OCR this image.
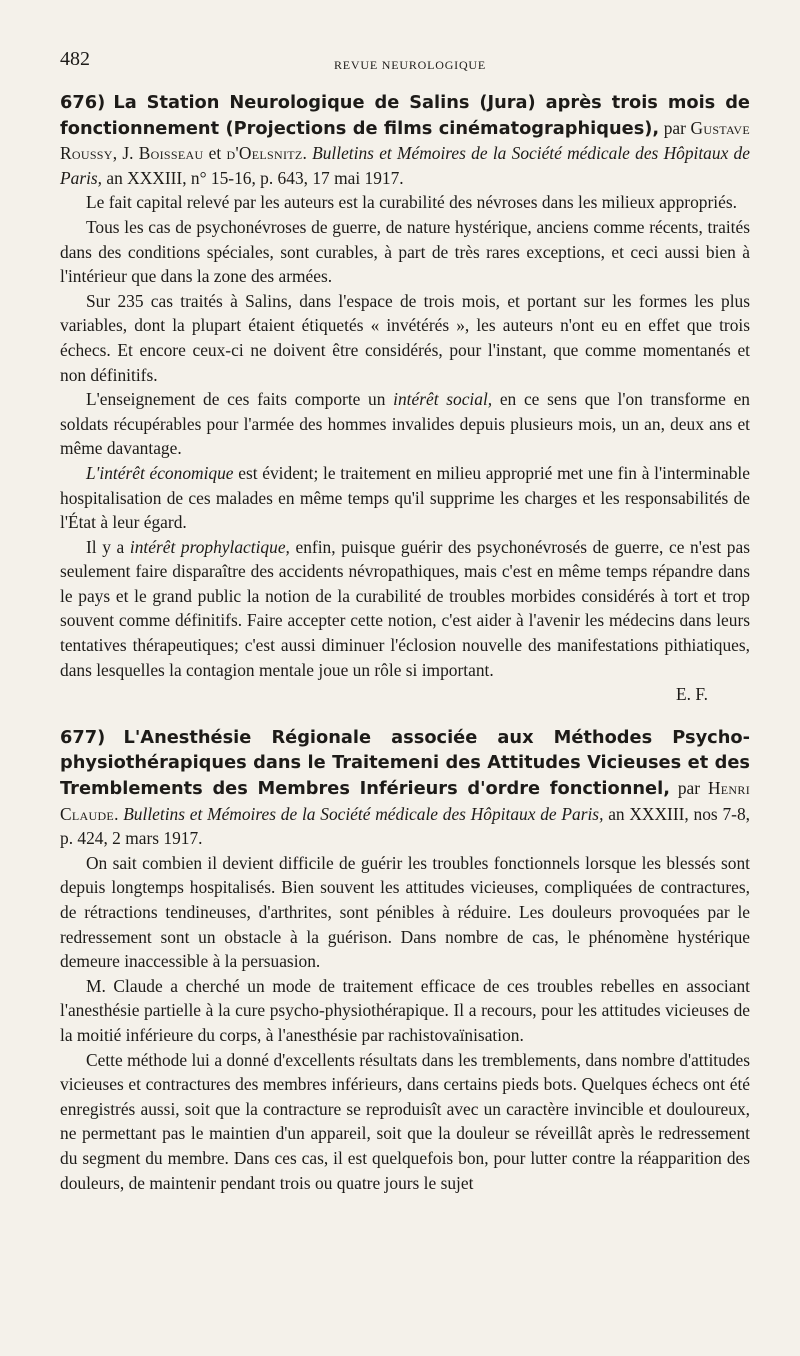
482	REVUE NEUROLOGIQUE
676) La Station Neurologique de Salins (Jura) après trois mois de fonctionnement (Projections de films cinématographiques), par Gustave Roussy, J. Boisseau et d'Oelsnitz. Bulletins et Mémoires de la Société médicale des Hôpitaux de Paris, an XXXIII, n° 15-16, p. 643, 17 mai 1917.

Le fait capital relevé par les auteurs est la curabilité des névroses dans les milieux appropriés.

Tous les cas de psychonévroses de guerre, de nature hystérique, anciens comme récents, traités dans des conditions spéciales, sont curables, à part de très rares exceptions, et ceci aussi bien à l'intérieur que dans la zone des armées.

Sur 235 cas traités à Salins, dans l'espace de trois mois, et portant sur les formes les plus variables, dont la plupart étaient étiquetés « invétérés », les auteurs n'ont eu en effet que trois échecs. Et encore ceux-ci ne doivent être considérés, pour l'instant, que comme momentanés et non définitifs.

L'enseignement de ces faits comporte un intérêt social, en ce sens que l'on transforme en soldats récupérables pour l'armée des hommes invalides depuis plusieurs mois, un an, deux ans et même davantage.

L'intérêt économique est évident; le traitement en milieu approprié met une fin à l'interminable hospitalisation de ces malades en même temps qu'il supprime les charges et les responsabilités de l'État à leur égard.

Il y a intérêt prophylactique, enfin, puisque guérir des psychonévrosés de guerre, ce n'est pas seulement faire disparaître des accidents névropathiques, mais c'est en même temps répandre dans le pays et le grand public la notion de la curabilité de troubles morbides considérés à tort et trop souvent comme définitifs. Faire accepter cette notion, c'est aider à l'avenir les médecins dans leurs tentatives thérapeutiques; c'est aussi diminuer l'éclosion nouvelle des manifestations pithiatiques, dans lesquelles la contagion mentale joue un rôle si important.

E. F.

677) L'Anesthésie Régionale associée aux Méthodes Psycho-physiothérapiques dans le Traitemeni des Attitudes Vicieuses et des Tremblements des Membres Inférieurs d'ordre fonctionnel, par Henri Claude. Bulletins et Mémoires de la Société médicale des Hôpitaux de Paris, an XXXIII, nos 7-8, p. 424, 2 mars 1917.

On sait combien il devient difficile de guérir les troubles fonctionnels lorsque les blessés sont depuis longtemps hospitalisés. Bien souvent les attitudes vicieuses, compliquées de contractures, de rétractions tendineuses, d'arthrites, sont pénibles à réduire. Les douleurs provoquées par le redressement sont un obstacle à la guérison. Dans nombre de cas, le phénomène hystérique demeure inaccessible à la persuasion.

M. Claude a cherché un mode de traitement efficace de ces troubles rebelles en associant l'anesthésie partielle à la cure psycho-physiothérapique. Il a recours, pour les attitudes vicieuses de la moitié inférieure du corps, à l'anesthésie par rachistovaïnisation.

Cette méthode lui a donné d'excellents résultats dans les tremblements, dans nombre d'attitudes vicieuses et contractures des membres inférieurs, dans certains pieds bots. Quelques échecs ont été enregistrés aussi, soit que la contracture se reproduisît avec un caractère invincible et douloureux, ne permettant pas le maintien d'un appareil, soit que la douleur se réveillât après le redressement du segment du membre. Dans ces cas, il est quelquefois bon, pour lutter contre la réapparition des douleurs, de maintenir pendant trois ou quatre jours le sujet
